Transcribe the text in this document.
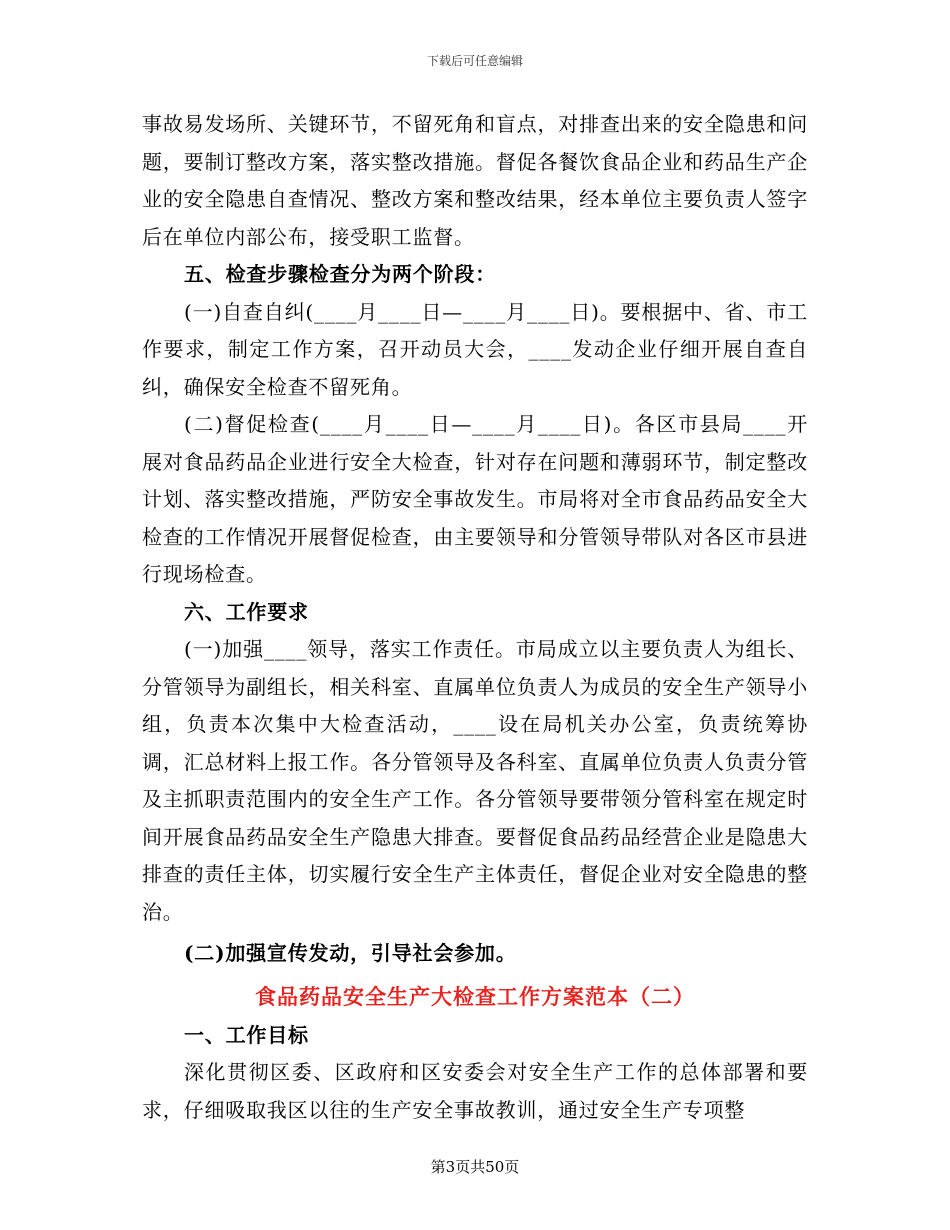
下载后可任意编辑

事故易发场所、关键环节，不留死角和盲点，对排查出来的安全隐患和问题，要制订整改方案，落实整改措施。督促各餐饮食品企业和药品生产企业的安全隐患自查情况、整改方案和整改结果，经本单位主要负责人签字后在单位内部公布，接受职工监督。

五、检查步骤检查分为两个阶段：

(一)自查自纠(____月____日—____月____日)。要根据中、省、市工作要求，制定工作方案，召开动员大会，____发动企业仔细开展自查自纠，确保安全检查不留死角。

(二)督促检查(____月____日—____月____日)。各区市县局____开展对食品药品企业进行安全大检查，针对存在问题和薄弱环节，制定整改计划、落实整改措施，严防安全事故发生。市局将对全市食品药品安全大检查的工作情况开展督促检查，由主要领导和分管领导带队对各区市县进行现场检查。

六、工作要求

(一)加强____领导，落实工作责任。市局成立以主要负责人为组长、分管领导为副组长，相关科室、直属单位负责人为成员的安全生产领导小组，负责本次集中大检查活动，____设在局机关办公室，负责统筹协调，汇总材料上报工作。各分管领导及各科室、直属单位负责人负责分管及主抓职责范围内的安全生产工作。各分管领导要带领分管科室在规定时间开展食品药品安全生产隐患大排查。要督促食品药品经营企业是隐患大排查的责任主体，切实履行安全生产主体责任，督促企业对安全隐患的整治。

(二)加强宣传发动，引导社会参加。

食品药品安全生产大检查工作方案范本（二）

一、工作目标

深化贯彻区委、区政府和区安委会对安全生产工作的总体部署和要求，仔细吸取我区以往的生产安全事故教训，通过安全生产专项整

第3页共50页
